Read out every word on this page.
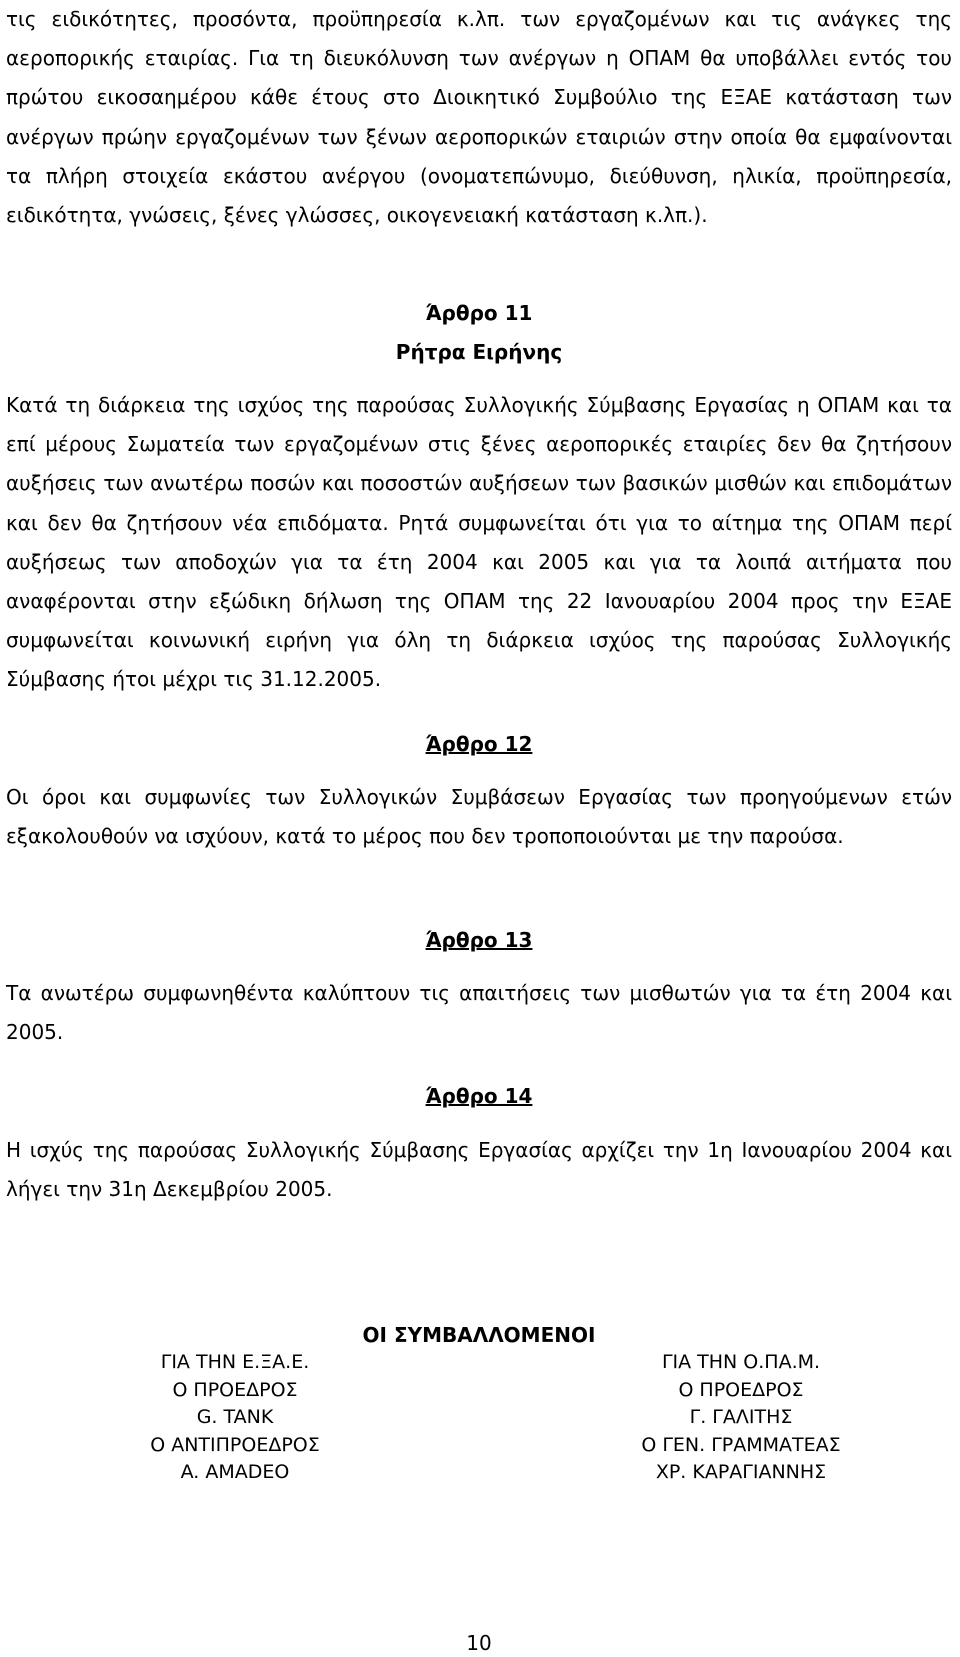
τις ειδικότητες, προσόντα, προϋπηρεσία κ.λπ. των εργαζομένων και τις ανάγκες της αεροπορικής εταιρίας. Για τη διευκόλυνση των ανέργων η ΟΠΑΜ θα υποβάλλει εντός του πρώτου εικοσαημέρου κάθε έτους στο Διοικητικό Συμβούλιο της ΕΞΑΕ κατάσταση των ανέργων πρώην εργαζομένων των ξένων αεροπορικών εταιριών στην οποία θα εμφαίνονται τα πλήρη στοιχεία εκάστου ανέργου (ονοματεπώνυμο, διεύθυνση, ηλικία, προϋπηρεσία, ειδικότητα, γνώσεις, ξένες γλώσσες, οικογενειακή κατάσταση κ.λπ.).

Άρθρο 11
Ρήτρα Ειρήνης

Κατά τη διάρκεια της ισχύος της παρούσας Συλλογικής Σύμβασης Εργασίας η ΟΠΑΜ και τα επί μέρους Σωματεία των εργαζομένων στις ξένες αεροπορικές εταιρίες δεν θα ζητήσουν αυξήσεις των ανωτέρω ποσών και ποσοστών αυξήσεων των βασικών μισθών και επιδομάτων και δεν θα ζητήσουν νέα επιδόματα. Ρητά συμφωνείται ότι για το αίτημα της ΟΠΑΜ περί αυξήσεως των αποδοχών για τα έτη 2004 και 2005 και για τα λοιπά αιτήματα που αναφέρονται στην εξώδικη δήλωση της ΟΠΑΜ της 22 Ιανουαρίου 2004 προς την ΕΞΑΕ συμφωνείται κοινωνική ειρήνη για όλη τη διάρκεια ισχύος της παρούσας Συλλογικής Σύμβασης ήτοι μέχρι τις 31.12.2005.

Άρθρο 12

Οι όροι και συμφωνίες των Συλλογικών Συμβάσεων Εργασίας των προηγούμενων ετών εξακολουθούν να ισχύουν, κατά το μέρος που δεν τροποποιούνται με την παρούσα.

Άρθρο 13

Τα ανωτέρω συμφωνηθέντα καλύπτουν τις απαιτήσεις των μισθωτών για τα έτη 2004 και 2005.

Άρθρο 14

Η ισχύς της παρούσας Συλλογικής Σύμβασης Εργασίας αρχίζει την 1η Ιανουαρίου 2004 και λήγει την 31η Δεκεμβρίου 2005.

ΟΙ ΣΥΜΒΑΛΛΟΜΕΝΟΙ
ΓΙΑ ΤΗΝ Ε.ΞΑ.Ε.
Ο ΠΡΟΕΔΡΟΣ
G. TANK
Ο ΑΝΤΙΠΡΟΕΔΡΟΣ
A. AMADEO
ΓΙΑ ΤΗΝ Ο.ΠΑ.Μ.
Ο ΠΡΟΕΔΡΟΣ
Γ. ΓΑΛΙΤΗΣ
Ο ΓΕΝ. ΓΡΑΜΜΑΤΕΑΣ
ΧΡ. ΚΑΡΑΓΙΑΝΝΗΣ
10
